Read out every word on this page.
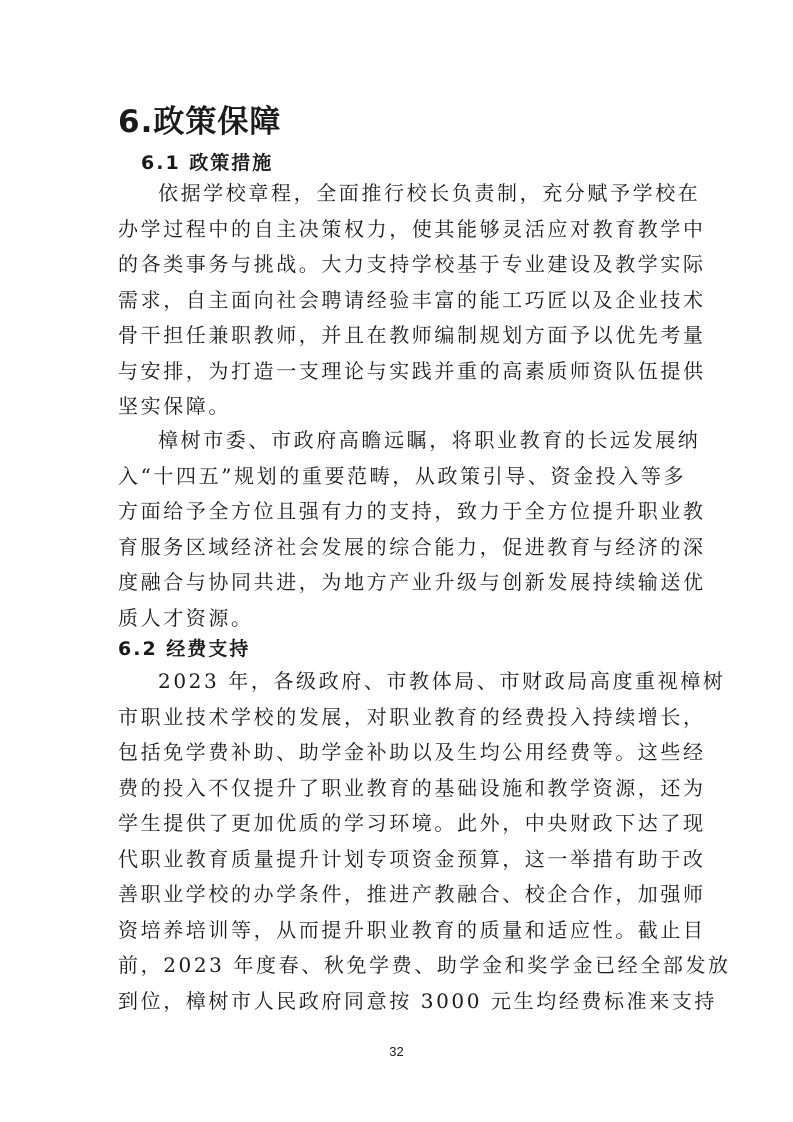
6.政策保障
6.1 政策措施
依据学校章程，全面推行校长负责制，充分赋予学校在
办学过程中的自主决策权力，使其能够灵活应对教育教学中
的各类事务与挑战。大力支持学校基于专业建设及教学实际
需求，自主面向社会聘请经验丰富的能工巧匠以及企业技术
骨干担任兼职教师，并且在教师编制规划方面予以优先考量
与安排，为打造一支理论与实践并重的高素质师资队伍提供
坚实保障。
樟树市委、市政府高瞻远瞩，将职业教育的长远发展纳
入“十四五”规划的重要范畴，从政策引导、资金投入等多
方面给予全方位且强有力的支持，致力于全方位提升职业教
育服务区域经济社会发展的综合能力，促进教育与经济的深
度融合与协同共进，为地方产业升级与创新发展持续输送优
质人才资源。
6.2 经费支持
2023 年，各级政府、市教体局、市财政局高度重视樟树
市职业技术学校的发展，对职业教育的经费投入持续增长，
包括免学费补助、助学金补助以及生均公用经费等。这些经
费的投入不仅提升了职业教育的基础设施和教学资源，还为
学生提供了更加优质的学习环境。此外，中央财政下达了现
代职业教育质量提升计划专项资金预算，这一举措有助于改
善职业学校的办学条件，推进产教融合、校企合作，加强师
资培养培训等，从而提升职业教育的质量和适应性。截止目
前，2023 年度春、秋免学费、助学金和奖学金已经全部发放
到位，樟树市人民政府同意按 3000 元生均经费标准来支持
32
